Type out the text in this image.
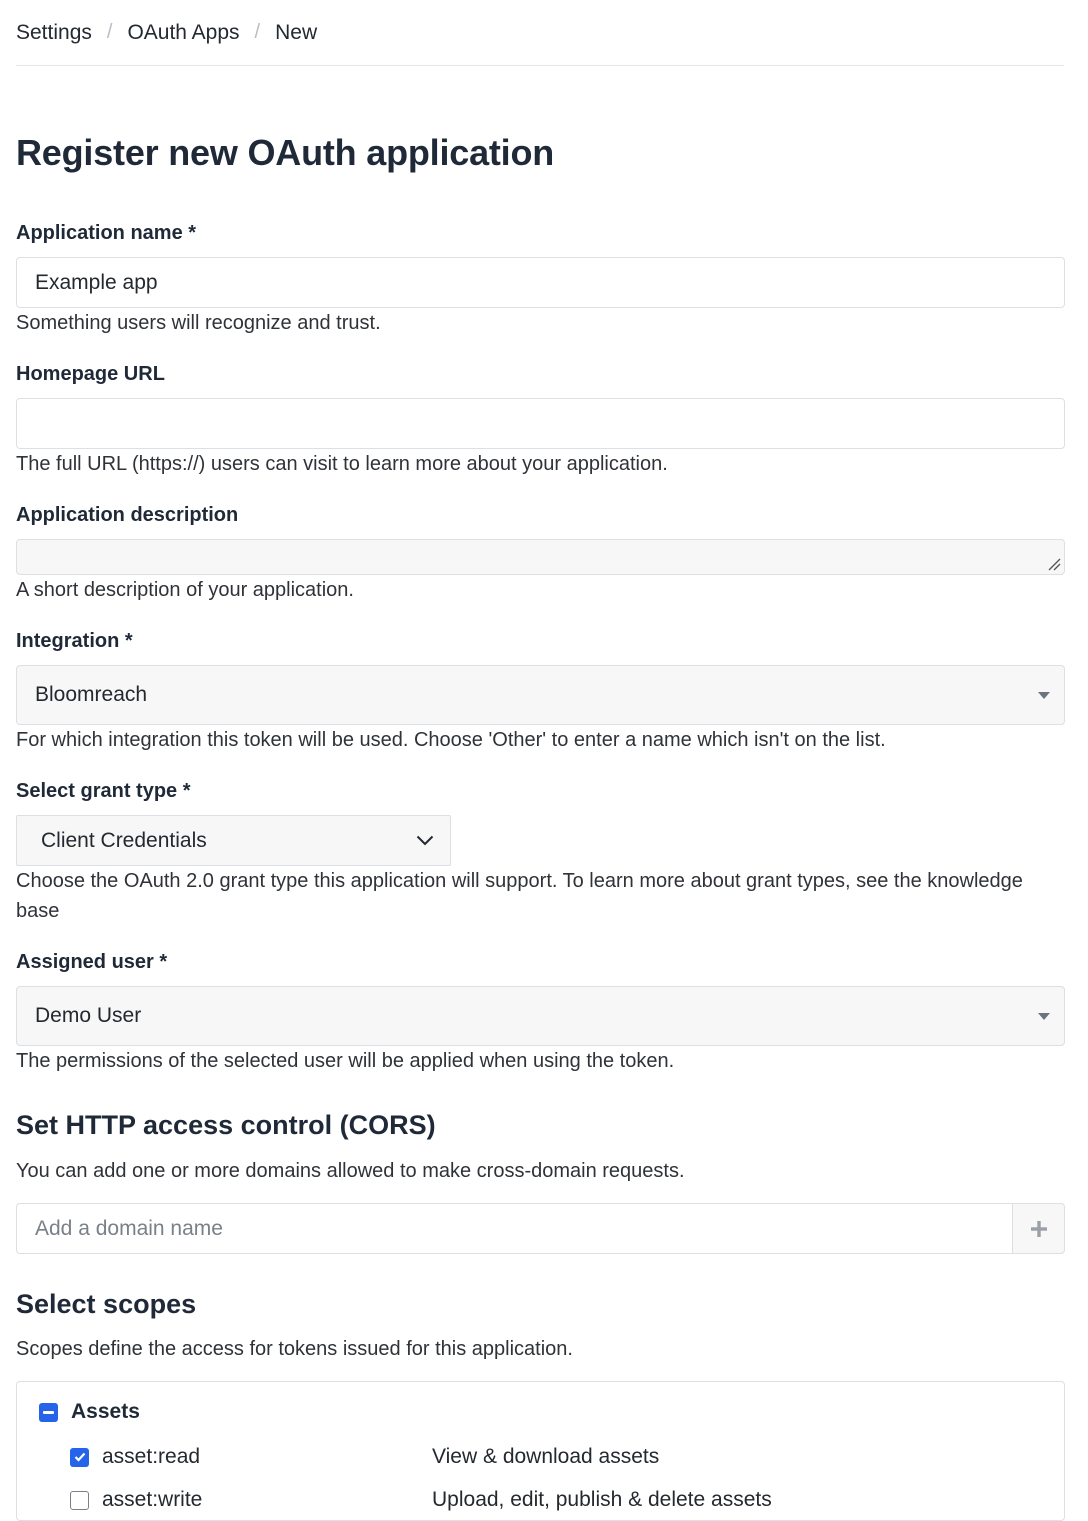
Settings / OAuth Apps / New
Register new OAuth application
Application name *
Example app
Something users will recognize and trust.
Homepage URL
The full URL (https://) users can visit to learn more about your application.
Application description
A short description of your application.
Integration *
Bloomreach
For which integration this token will be used. Choose 'Other' to enter a name which isn't on the list.
Select grant type *
Client Credentials
Choose the OAuth 2.0 grant type this application will support. To learn more about grant types, see the knowledge base
Assigned user *
Demo User
The permissions of the selected user will be applied when using the token.
Set HTTP access control (CORS)
You can add one or more domains allowed to make cross-domain requests.
Add a domain name
Select scopes
Scopes define the access for tokens issued for this application.
Assets
asset:read	View & download assets
asset:write	Upload, edit, publish & delete assets
